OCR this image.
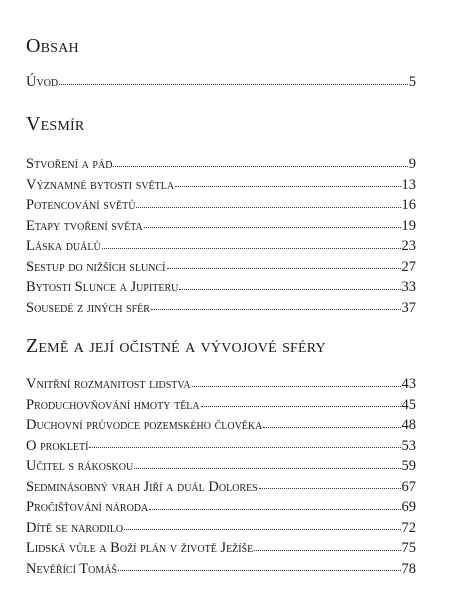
Obsah
Úvod	5
Vesmír
Stvoření a pád	9
Významné bytosti světla	13
Potencování světů	16
Etapy tvoření světa	19
Láska duálů	23
Sestup do nižších sluncí	27
Bytosti Slunce a Jupiteru	33
Sousedé z jiných sfér	37
Země a její očistné a vývojové sféry
Vnitřní rozmanitost lidstva	43
Produchovňování hmoty těla	45
Duchovní průvodce pozemského člověka	48
O prokletí	53
Učitel s rákoskou	59
Sedminásobný vrah Jiří a duál Dolores	67
Pročišťování národa	69
Dítě se narodilo	72
Lidská vůle a Boží plán v životě Ježíše	75
Nevěřící Tomáš	78
